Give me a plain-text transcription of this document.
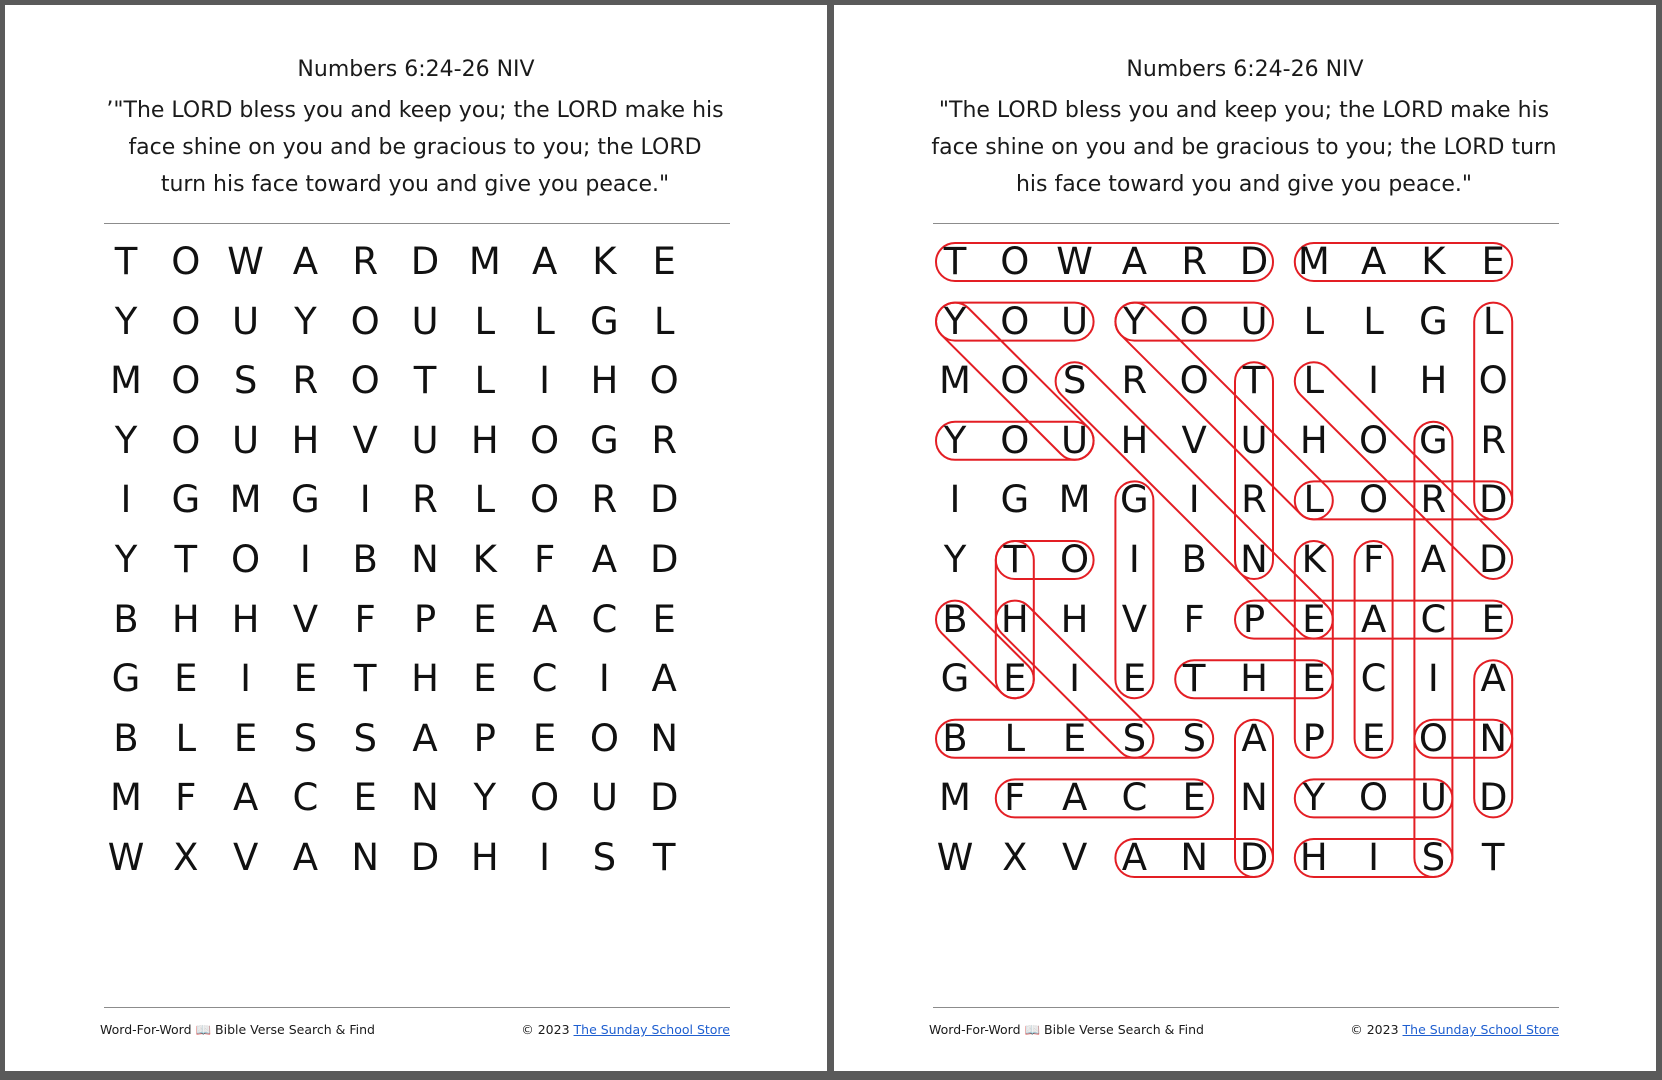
Numbers 6:24-26 NIV
’"The LORD bless you and keep you; the LORD make his face shine on you and be gracious to you; the LORD turn his face toward you and give you peace."
T O W A R D M A K E
Y O U Y O U L L G L
M O S R O T L	I	H O
Y O U H V U H O G R
I	G M G	I	R L O R D
Y T O	I	B N K F A D
B H H V F P E A C E
G E	I	E T H E C	I	A
B L E S S A P E O N
M F A C E N Y O U D
W X V A N D H	I	S T
Word-For-Word 📖 Bible Verse Search & Find	© 2023 The Sunday School Store
Numbers 6:24-26 NIV
"The LORD bless you and keep you; the LORD make his face shine on you and be gracious to you; the LORD turn his face toward you and give you peace."
T O W A R D M A K E
Y O U Y O U L L G L
M O S R O T L	I	H O
Y O U H V U H O G R
I	G M G	I	R L O R D
Y T O	I	B N K F A D
B H H V F P E A C E
G E	I	E T H E C	I	A
B L E S S A P E O N
M F A C E N Y O U D
W X V A N D H	I	S T
Word-For-Word 📖 Bible Verse Search & Find	© 2023 The Sunday School Store
